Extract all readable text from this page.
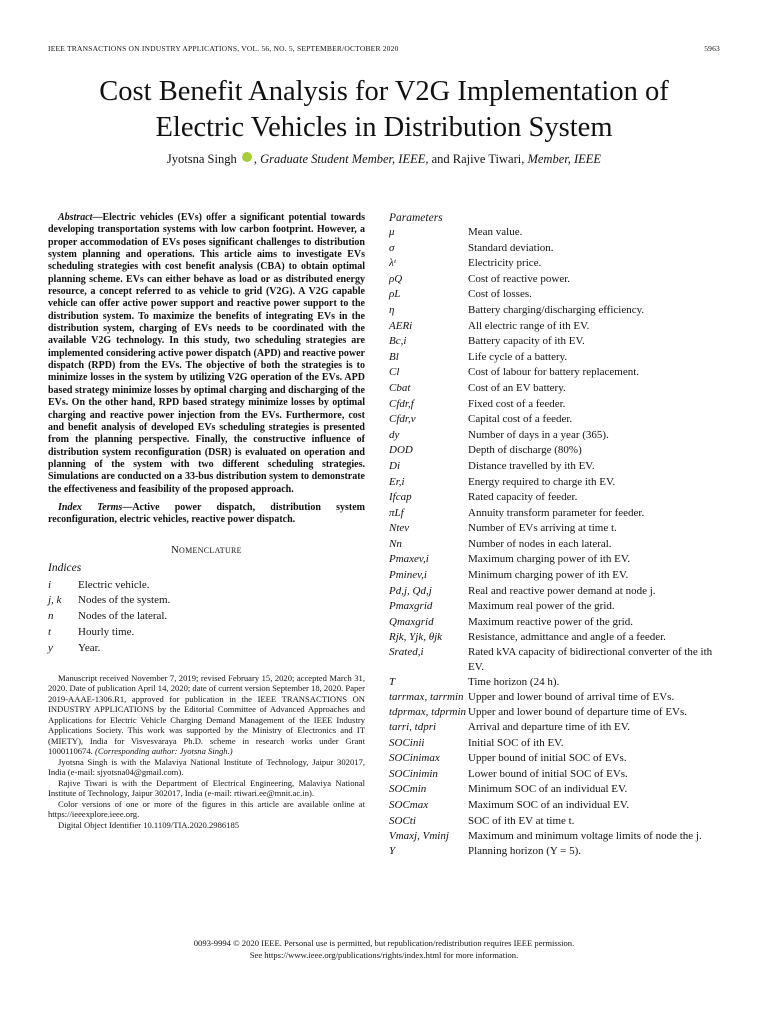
IEEE TRANSACTIONS ON INDUSTRY APPLICATIONS, VOL. 56, NO. 5, SEPTEMBER/OCTOBER 2020	5963
Cost Benefit Analysis for V2G Implementation of
Electric Vehicles in Distribution System
Jyotsna Singh , Graduate Student Member, IEEE, and Rajive Tiwari, Member, IEEE

Abstract—Electric vehicles (EVs) offer a significant potential towards developing transportation systems with low carbon footprint. However, a proper accommodation of EVs poses significant challenges to distribution system planning and operations. This article aims to investigate EVs scheduling strategies with cost benefit analysis (CBA) to obtain optimal planning scheme. EVs can either behave as load or as distributed energy resource, a concept referred to as vehicle to grid (V2G). A V2G capable vehicle can offer active power support and reactive power support to the distribution system. To maximize the benefits of integrating EVs in the distribution system, charging of EVs needs to be coordinated with the available V2G technology. In this study, two scheduling strategies are implemented considering active power dispatch (APD) and reactive power dispatch (RPD) from the EVs. The objective of both the strategies is to minimize losses in the system by utilizing V2G operation of the EVs. APD based strategy minimize losses by optimal charging and discharging of the EVs. On the other hand, RPD based strategy minimize losses by optimal charging and reactive power injection from the EVs. Furthermore, cost and benefit analysis of developed EVs scheduling strategies is presented from the planning perspective. Finally, the constructive influence of distribution system reconfiguration (DSR) is evaluated on operation and planning of the system with two different scheduling strategies. Simulations are conducted on a 33-bus distribution system to demonstrate the effectiveness and feasibility of the proposed approach.

Index Terms—Active power dispatch, distribution system reconfiguration, electric vehicles, reactive power dispatch.

NOMENCLATURE
Indices
i	Electric vehicle.
j, k	Nodes of the system.
n	Nodes of the lateral.
t	Hourly time.
y	Year.

Manuscript received November 7, 2019; revised February 15, 2020; accepted March 31, 2020. Date of publication April 14, 2020; date of current version September 18, 2020. Paper 2019-AAAE-1306.R1, approved for publication in the IEEE TRANSACTIONS ON INDUSTRY APPLICATIONS by the Editorial Committee of Advanced Approaches and Applications for Electric Vehicle Charging Demand Management of the IEEE Industry Applications Society. This work was supported by the Ministry of Electronics and IT (MIETY), India for Visvesvaraya Ph.D. scheme in research works under Grant 1000110674. (Corresponding author: Jyotsna Singh.)

Jyotsna Singh is with the Malaviya National Institute of Technology, Jaipur 302017, India (e-mail: sjyotsna04@gmail.com).

Rajive Tiwari is with the Department of Electrical Engineering, Malaviya National Institute of Technology, Jaipur 302017, India (e-mail: rtiwari.ee@mnit.ac.in).

Color versions of one or more of the figures in this article are available online at https://ieeexplore.ieee.org.

Digital Object Identifier 10.1109/TIA.2020.2986185

Parameters
μ	Mean value.
σ	Standard deviation.
λᵗ	Electricity price.
ρQ	Cost of reactive power.
ρL	Cost of losses.
η	Battery charging/discharging efficiency.
AERi	All electric range of ith EV.
Bc,i	Battery capacity of ith EV.
Bl	Life cycle of a battery.
Cl	Cost of labour for battery replacement.
Cbat	Cost of an EV battery.
Cfdr,f	Fixed cost of a feeder.
Cfdr,v	Capital cost of a feeder.
dy	Number of days in a year (365).
DOD	Depth of discharge (80%)
Di	Distance travelled by ith EV.
Er,i	Energy required to charge ith EV.
Ifcap	Rated capacity of feeder.
πLf	Annuity transform parameter for feeder.
Ntev	Number of EVs arriving at time t.
Nn	Number of nodes in each lateral.
Pmaxev,i	Maximum charging power of ith EV.
Pminev,i	Minimum charging power of ith EV.
Pd,j, Qd,j	Real and reactive power demand at node j.
Pmaxgrid	Maximum real power of the grid.
Qmaxgrid	Maximum reactive power of the grid.
Rjk, Yjk, θjk	Resistance, admittance and angle of a feeder.
Srated,i	Rated kVA capacity of bidirectional converter of the ith EV.
T	Time horizon (24 h).
tarrmax, tarrmin Upper and lower bound of arrival time of EVs.
tdprmax, tdprmin Upper and lower bound of departure time of EVs.
tarri, tdpri	Arrival and departure time of ith EV.
SOCinii	Initial SOC of ith EV.
SOCinimax	Upper bound of initial SOC of EVs.
SOCinimin	Lower bound of initial SOC of EVs.
SOCmin	Minimum SOC of an individual EV.
SOCmax	Maximum SOC of an individual EV.
SOCti	SOC of ith EV at time t.
Vmaxj, Vminj	Maximum and minimum voltage limits of node the j.
Y	Planning horizon (Y = 5).
0093-9994 © 2020 IEEE. Personal use is permitted, but republication/redistribution requires IEEE permission.
See https://www.ieee.org/publications/rights/index.html for more information.
